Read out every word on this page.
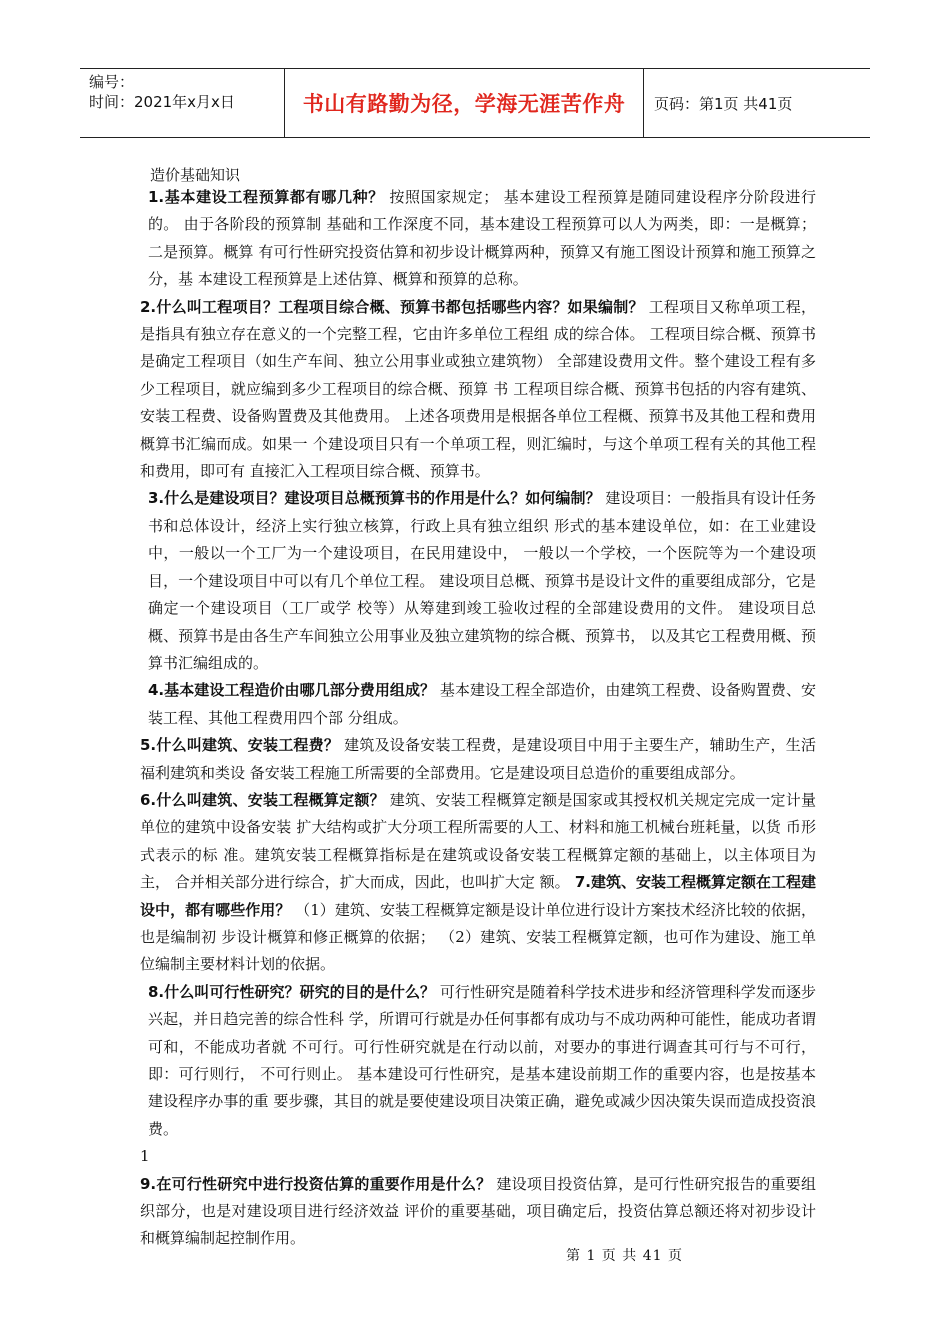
编号：
时间：2021年x月x日	书山有路勤为径，学海无涯苦作舟	页码：第1页 共41页
造价基础知识

1.基本建设工程预算都有哪几种？ 按照国家规定； 基本建设工程预算是随同建设程序分阶段进行的。 由于各阶段的预算制 基础和工作深度不同，基本建设工程预算可以人为两类，即：一是概算； 二是预算。概算 有可行性研究投资估算和初步设计概算两种，预算又有施工图设计预算和施工预算之分，基 本建设工程预算是上述估算、概算和预算的总称。

2.什么叫工程项目？工程项目综合概、预算书都包括哪些内容？如果编制？ 工程项目又称单项工程，是指具有独立存在意义的一个完整工程，它由许多单位工程组 成的综合体。 工程项目综合概、预算书是确定工程项目（如生产车间、独立公用事业或独立建筑物） 全部建设费用文件。整个建设工程有多少工程项目，就应编到多少工程项目的综合概、预算 书 工程项目综合概、预算书包括的内容有建筑、安装工程费、设备购置费及其他费用。 上述各项费用是根据各单位工程概、预算书及其他工程和费用概算书汇编而成。如果一 个建设项目只有一个单项工程，则汇编时，与这个单项工程有关的其他工程和费用，即可有 直接汇入工程项目综合概、预算书。

3.什么是建设项目？建设项目总概预算书的作用是什么？如何编制？ 建设项目：一般指具有设计任务书和总体设计，经济上实行独立核算，行政上具有独立组织 形式的基本建设单位，如：在工业建设中，一般以一个工厂为一个建设项目，在民用建设中， 一般以一个学校，一个医院等为一个建设项目，一个建设项目中可以有几个单位工程。 建设项目总概、预算书是设计文件的重要组成部分，它是确定一个建设项目（工厂或学 校等）从筹建到竣工验收过程的全部建设费用的文件。 建设项目总概、预算书是由各生产车间独立公用事业及独立建筑物的综合概、预算书， 以及其它工程费用概、预算书汇编组成的。

4.基本建设工程造价由哪几部分费用组成？ 基本建设工程全部造价，由建筑工程费、设备购置费、安装工程、其他工程费用四个部 分组成。

5.什么叫建筑、安装工程费？ 建筑及设备安装工程费，是建设项目中用于主要生产，辅助生产，生活福利建筑和类设 备安装工程施工所需要的全部费用。它是建设项目总造价的重要组成部分。

6.什么叫建筑、安装工程概算定额？ 建筑、安装工程概算定额是国家或其授权机关规定完成一定计量单位的建筑中设备安装 扩大结构或扩大分项工程所需要的人工、材料和施工机械台班耗量，以货 币形式表示的标 准。建筑安装工程概算指标是在建筑或设备安装工程概算定额的基础上，以主体项目为主， 合并相关部分进行综合，扩大而成，因此，也叫扩大定 额。 7.建筑、安装工程概算定额在工程建设中，都有哪些作用？ （1）建筑、安装工程概算定额是设计单位进行设计方案技术经济比较的依据，也是编制初 步设计概算和修正概算的依据； （2）建筑、安装工程概算定额，也可作为建设、施工单位编制主要材料计划的依据。

8.什么叫可行性研究？研究的目的是什么？ 可行性研究是随着科学技术进步和经济管理科学发而逐步兴起，并日趋完善的综合性科 学，所谓可行就是办任何事都有成功与不成功两种可能性，能成功者谓可和，不能成功者就 不可行。可行性研究就是在行动以前，对要办的事进行调查其可行与不可行，即：可行则行， 不可行则止。 基本建设可行性研究，是基本建设前期工作的重要内容，也是按基本建设程序办事的重 要步骤，其目的就是要使建设项目决策正确，避免或减少因决策失误而造成投资浪费。

1

9.在可行性研究中进行投资估算的重要作用是什么？ 建设项目投资估算，是可行性研究报告的重要组织部分，也是对建设项目进行经济效益 评价的重要基础，项目确定后，投资估算总额还将对初步设计和概算编制起控制作用。

第 1 页 共 41 页
